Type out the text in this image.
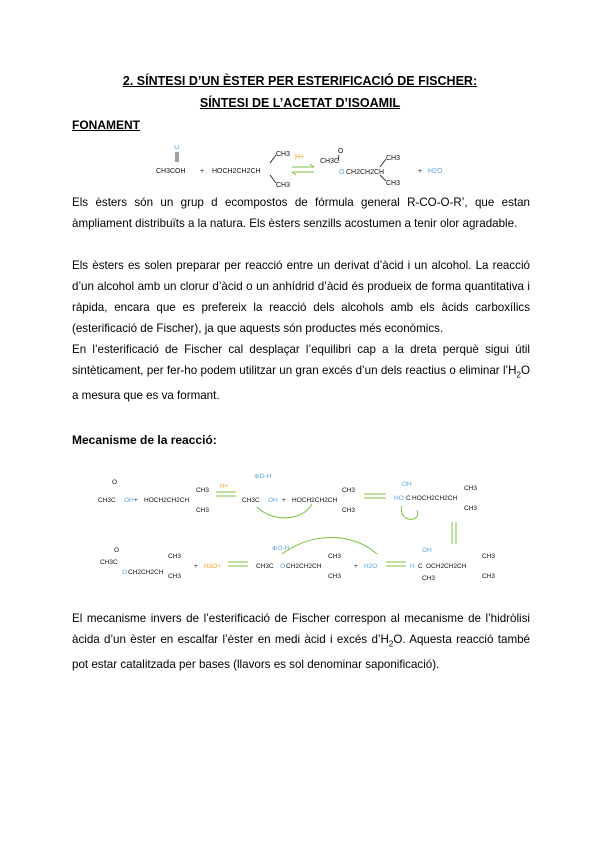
2. SÍNTESI D’UN ÈSTER PER ESTERIFICACIÓ DE FISCHER:
SÍNTESI DE L’ACETAT D’ISOAMIL
FONAMENT
O
CH3COH + HOCH2CH2CH
CH3
CH3
H+
O
CH3C
O CH2CH2CH
CH3
CH3
+ H2O

Els èsters són un grup d ecompostos de fórmula general R-CO-O-R’, que estan àmpliament distribuïts a la natura. Els èsters senzills acostumen a tenir olor agradable.

Els èsters es solen preparar per reacció entre un derivat d’àcid i un alcohol. La reacció d’un alcohol amb un clorur d’àcid o un anhídrid d’àcid és produeix de forma quantitativa i ràpida, encara que es prefereix la reacció dels alcohols amb els àcids carboxílics (esterificació de Fischer), ja que aquests són productes més econòmics.

En l’esterificació de Fischer cal desplaçar l’equilibri cap a la dreta perquè sigui útil sintèticament, per fer-ho podem utilitzar un gran excés d’un dels reactius o eliminar $l’H_2O$ a mesura que es va formant.

Mecanisme de la reacció:
O
CH3C OH + HOCH2CH2CH
CH3
CH3
H+
⊕O-H
CH3C OH + HOCH2CH2CH
CH3
CH3
OH
HO C HOCH2CH2CH
CH3
CH3
O
CH3C
O CH2CH2CH
CH3
CH3
+ H3O+
⊕O-H
CH3C O CH2CH2CH
CH3
CH3
+ H2O
OH
H C OCH2CH2CH
CH3
CH3
CH3

El mecanisme invers de l’esterificació de Fischer correspon al mecanisme de l’hidròlisi àcida d’un èster en escalfar l’èster en medi àcid i excés $d’H_2O$. Aquesta reacció també pot estar catalitzada per bases (llavors es sol denominar saponificació).
